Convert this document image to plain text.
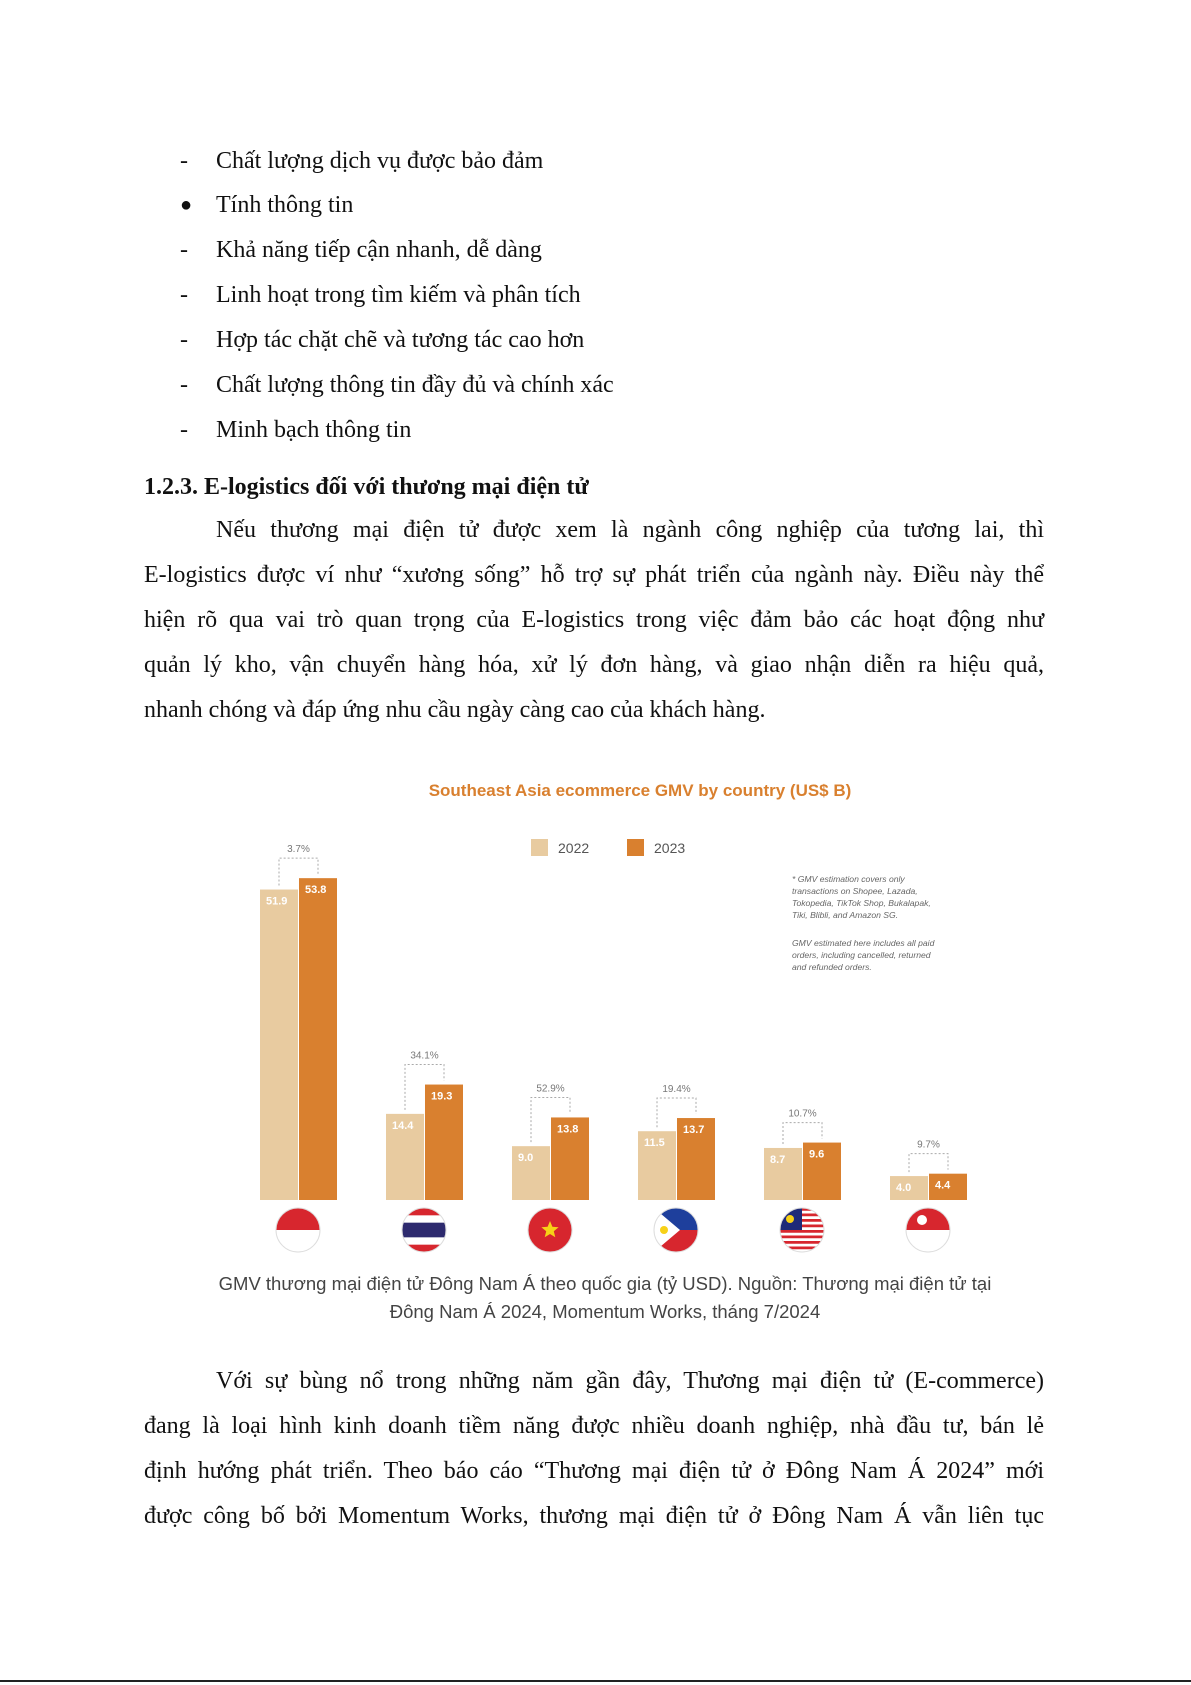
-	Chất lượng dịch vụ được bảo đảm
● Tính thông tin
-	Khả năng tiếp cận nhanh, dễ dàng
-	Linh hoạt trong tìm kiếm và phân tích
-	Hợp tác chặt chẽ và tương tác cao hơn
-	Chất lượng thông tin đầy đủ và chính xác
-	Minh bạch thông tin
1.2.3. E-logistics đối với thương mại điện tử
Nếu thương mại điện tử được xem là ngành công nghiệp của tương lai, thì
E-logistics được ví như “xương sống” hỗ trợ sự phát triển của ngành này. Điều này thể
hiện rõ qua vai trò quan trọng của E-logistics trong việc đảm bảo các hoạt động như
quản lý kho, vận chuyển hàng hóa, xử lý đơn hàng, và giao nhận diễn ra hiệu quả,
nhanh chóng và đáp ứng nhu cầu ngày càng cao của khách hàng.
Southeast Asia ecommerce GMV by country (US$ B)
2022	2023
* GMV estimation covers only
transactions on Shopee, Lazada,
Tokopedia, TikTok Shop, Bukalapak,
Tiki, Blibli, and Amazon SG.
GMV estimated here includes all paid
orders, including cancelled, returned
and refunded orders.
51.9
53.8
3.7%
14.4
19.3
34.1%
9.0
13.8
52.9%
11.5
13.7
19.4%
8.7 9.6
10.7%
4.0 4.4
9.7%
GMV thương mại điện tử Đông Nam Á theo quốc gia (tỷ USD). Nguồn: Thương mại điện tử tại
Đông Nam Á 2024, Momentum Works, tháng 7/2024
Với sự bùng nổ trong những năm gần đây, Thương mại điện tử (E-commerce)
đang là loại hình kinh doanh tiềm năng được nhiều doanh nghiệp, nhà đầu tư, bán lẻ
định hướng phát triển. Theo báo cáo “Thương mại điện tử ở Đông Nam Á 2024” mới
được công bố bởi Momentum Works, thương mại điện tử ở Đông Nam Á vẫn liên tục
